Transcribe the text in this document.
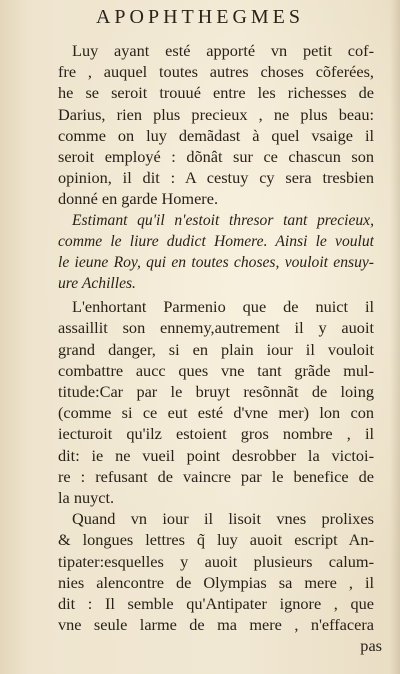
APOPHTHEGMES
Luy ayant esté apporté vn petit cof-
fre , auquel toutes autres choses cõferées,
he se seroit trouué entre les richesses de
Darius, rien plus precieux , ne plus beau:
comme on luy demãdast à quel vsaige il
seroit employé : dõnât sur ce chascun son
opinion, il dit : A cestuy cy sera tresbien
donné en garde Homere.
Estimant qu'il n'estoit thresor tant precieux,
comme le liure dudict Homere. Ainsi le voulut
le ieune Roy, qui en toutes choses, vouloit ensuy-
ure Achilles.
L'enhortant Parmenio que de nuict il
assaillit son ennemy,autrement il y auoit
grand danger, si en plain iour il vouloit
combattre aucc ques vne tant grãde mul-
titude:Car par le bruyt resõnnãt de loing
(comme si ce eut esté d'vne mer) lon con
iecturoit qu'ilz estoient gros nombre , il
dit: ie ne vueil point desrobber la victoi-
re : refusant de vaincre par le benefice de
la nuyct.
Quand vn iour il lisoit vnes prolixes
& longues lettres q̃ luy auoit escript An-
tipater:esquelles y auoit plusieurs calum-
nies alencontre de Olympias sa mere , il
dit : Il semble qu'Antipater ignore , que
vne seule larme de ma mere , n'effacera
pas
